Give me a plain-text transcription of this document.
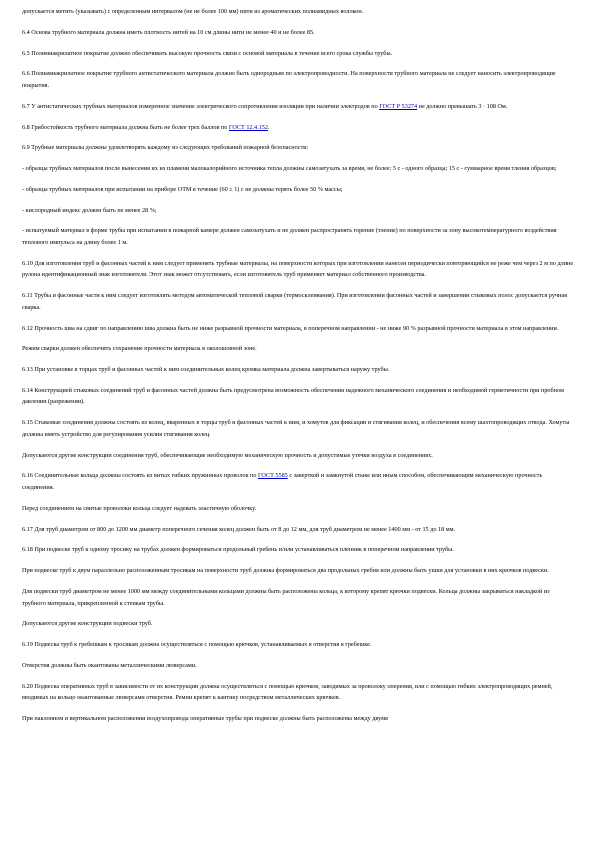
допускается метить (указывать) с определенным интервалом (не не более 100 мм) нити из ароматических полиамидных волокон.

6.4 Основа трубного материала должна иметь плотность нитей на 10 см длины нити не менее 40 и не более 85.

6.5 Полимиакрилатное покрытие должно обеспечивать высокую прочность связи с основой материала в течение всего срока службы трубы.

6.6 Полиамиакрилатное покрытие трубного антистатического материала должно быть однородным по электропроводности. На поверхности трубного материала не следует наносить электропроводящие покрытия.

6.7 У антистатических трубных материалов измеренное значение электрического сопротивления изоляции при наличии электродов по ГОСТ Р 53274 не должно превышать 3 · 108 Ом.

6.8 Грибостойкость трубного материала должна быть не более трех баллов по ГОСТ 12.4.152.

6.9 Трубные материалы должны удовлетворять каждому из следующих требований пожарной безопасности:

- образцы трубных материалов после вынесения их из пламени малокалорийного источника тепла должны самозатухать за время, не более: 5 с - одного образца; 15 с - суммарное время тления образцов;

- образцы трубных материалов при испытании на приборе ОТМ в течение (60 ± 1) с не должны терять более 50 % массы;

- кислородный индекс должен быть не менее 28 %;

- испытуемый материал в форме трубы при испытании в пожарной камере должен самозатухать и не должен распространять горение (тление) по поверхности за зону высокотемпературного воздействия теплового импульса на длину более 1 м.

6.10 Для изготовления труб и фасонных частей к ним следует применять трубные материалы, на поверхности которых при изготовлении нанесен периодически повторяющийся не реже чем через 2 м по длине рулона идентификационный знак изготовителя. Этот знак может отсутствовать, если изготовитель труб применяет материал собственного производства.

6.11 Трубы и фасонные части к ним следует изготовлять методом автоматической тепловой сварки (термосклеивания). При изготовлении фасонных частей и завершении стыковых полос допускается ручная сварка.

6.12 Прочность шва на сдвиг по направлению шва должна быть не ниже разрывной прочности материала, в поперечном направлении - не ниже 90 % разрывной прочности материала в этом направлении.

Режим сварки должен обеспечить сохранение прочности материала в околошовной зоне.

6.13 При установке в торцах труб и фасонных частей к ним соединительных колец кромка материала должна завертываться наружу трубы.

6.14 Конструкцией стыковых соединений труб и фасонных частей должна быть предусмотрена возможность обеспечения надежного механического соединения и необходимой герметичности при пробном давлении (разрежении).

6.15 Стыковые соединения должны состоять из колец, вваренных в торцы труб и фасонных частей к ним, и хомутов для фиксации и стягивания колец, и обеспечения всему шахтопроводящих отвода. Хомуты должны иметь устройство для регулирования усилия стягивания колец.

Допускаются другие конструкции соединения труб, обеспечивающие необходимую механическую прочность и допустимые утечки воздуха в соединениях.

6.16 Соединительные кольца должны состоять из витых гибких пружинных проволок по ГОСТ 5585 с заверткой и замкнутой стыке или иным способом, обеспечивающим механическую прочность соединения.

Перед соединением на свитые проволоки кольца следует надевать эластичную оболочку.

6.17 Для труб диаметром от 800 до 1200 мм диаметр поперечного сечения колец должен быть от 8 до 12 мм, для труб диаметром не менее 1400 мм - от 15 до 18 мм.

6.18 При подвеске труб к одному тросику на трубах должен формироваться продольный гребень и/или устанавливаться пленник в поперечном направлении трубы.

При подвеске труб к двум параллельно расположенным тросикам на поверхности труб должны формироваться два продольных гребня или должны быть ушки для установки в них крючков подвески.

Для подвески труб диаметром не менее 1000 мм между соединительными кольцами должны быть расположены кольца, к которому крепят крючки подвески. Кольца должны закрываться накладкой из трубного материала, прикрепленной к стенкам трубы.

Допускаются другие конструкции подвески труб.

6.19 Подвеска труб к гребешкам к тросикам должна осуществляться с помощью крючков, устанавливаемых в отверстия в гребешке.

Отверстия должны быть окантованы металлическими люверсами.

6.20 Подвеска оперативных труб в зависимости от их конструкции должна осуществляться с помощью крючков, заводимых за проволоку оперения, или с помощью гибких электропроводящих ремней, вводимых на кольцо окантованные люверсами отверстия. Ремни крепят к кантику посредством металлических крючков.

При наклонном и вертикальном расположении воздухопровода оперативные трубы при подвеске должны быть расположены между двумя
